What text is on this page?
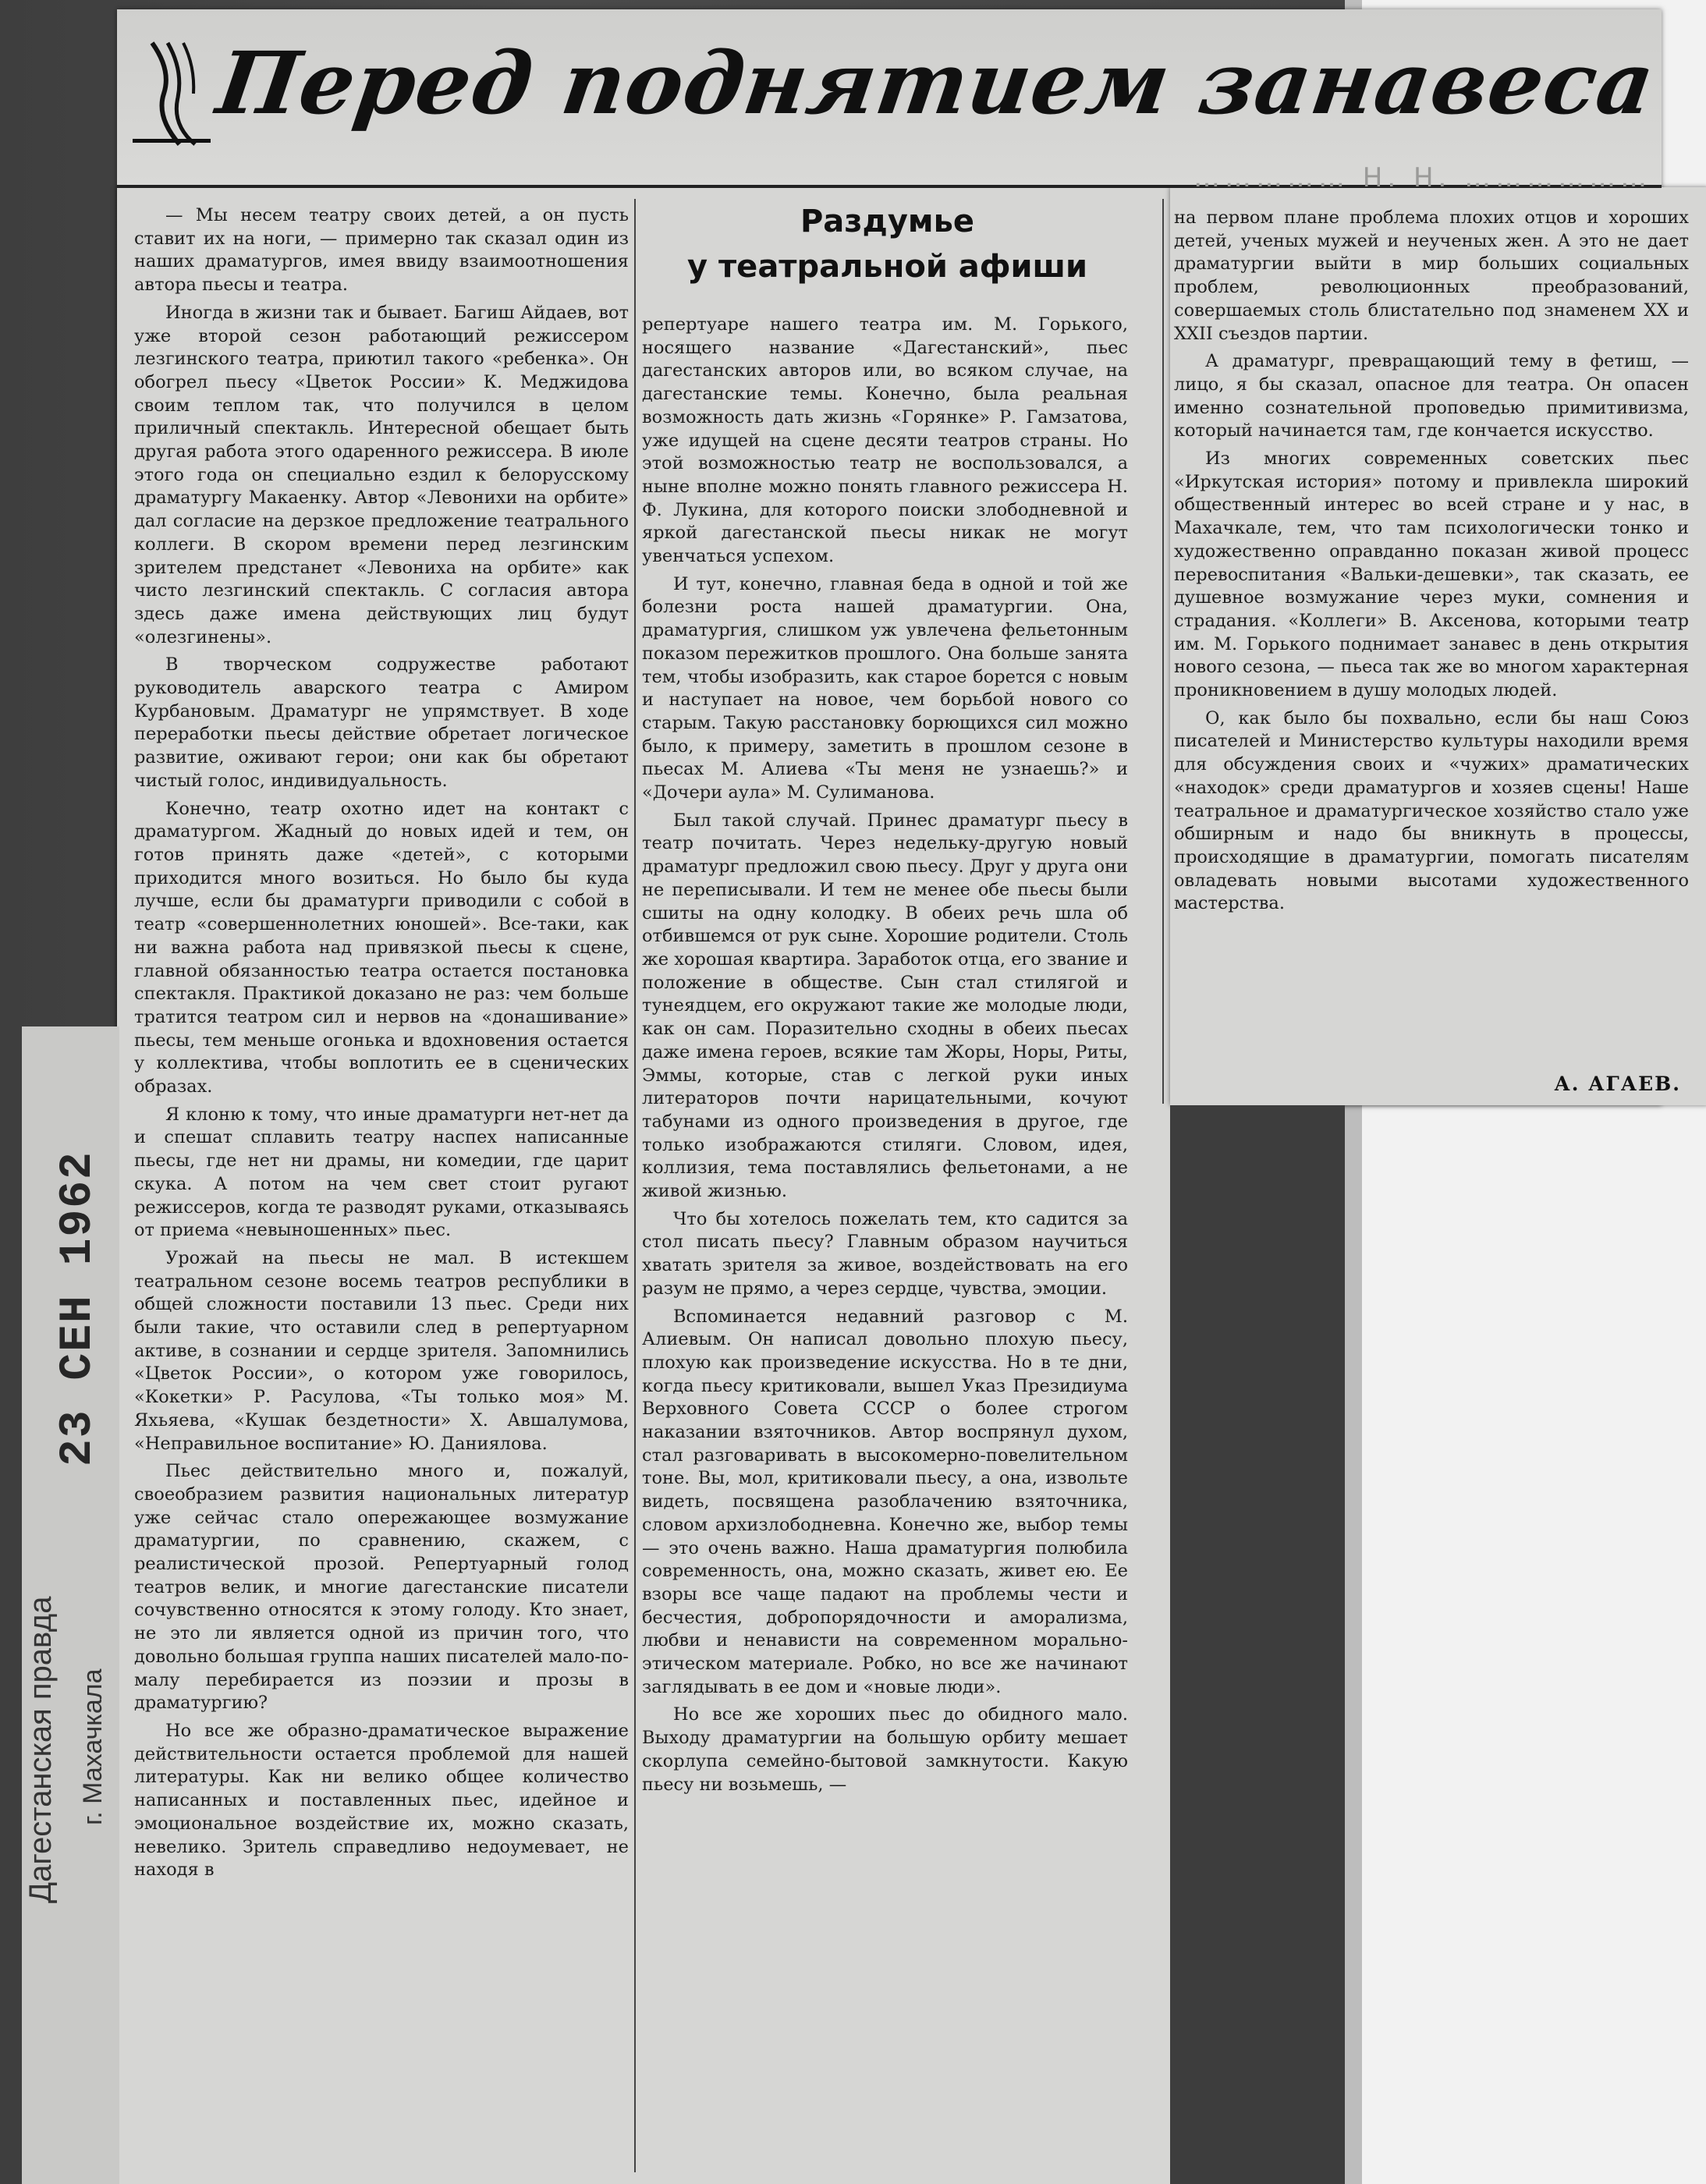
Дагестанская правда г. Махачкала
23 СЕН 1962
Перед поднятием занавеса
…………… Н. Н. ………………
Раздумье
у театральной афиши

— Мы несем театру своих детей, а он пусть ставит их на ноги, — примерно так сказал один из наших драматургов, имея ввиду взаимоотношения автора пьесы и театра.

Иногда в жизни так и бывает. Багиш Айдаев, вот уже второй сезон работающий режиссером лезгинского театра, приютил такого «ребенка». Он обогрел пьесу «Цветок России» К. Меджидова своим теплом так, что получился в целом приличный спектакль. Интересной обещает быть другая работа этого одаренного режиссера. В июле этого года он специально ездил к белорусскому драматургу Макаенку. Автор «Левонихи на орбите» дал согласие на дерзкое предложение театрального коллеги. В скором времени перед лезгинским зрителем предстанет «Левониха на орбите» как чисто лезгинский спектакль. С согласия автора здесь даже имена действующих лиц будут «олезгинены».

В творческом содружестве работают руководитель аварского театра с Амиром Курбановым. Драматург не упрямствует. В ходе переработки пьесы действие обретает логическое развитие, оживают герои; они как бы обретают чистый голос, индивидуальность.

Конечно, театр охотно идет на контакт с драматургом. Жадный до новых идей и тем, он готов принять даже «детей», с которыми приходится много возиться. Но было бы куда лучше, если бы драматурги приводили с собой в театр «совершеннолетних юношей». Все-таки, как ни важна работа над привязкой пьесы к сцене, главной обязанностью театра остается постановка спектакля. Практикой доказано не раз: чем больше тратится театром сил и нервов на «донашивание» пьесы, тем меньше огонька и вдохновения остается у коллектива, чтобы воплотить ее в сценических образах.

Я клоню к тому, что иные драматурги нет-нет да и спешат сплавить театру наспех написанные пьесы, где нет ни драмы, ни комедии, где царит скука. А потом на чем свет стоит ругают режиссеров, когда те разводят руками, отказываясь от приема «невыношенных» пьес.

Урожай на пьесы не мал. В истекшем театральном сезоне восемь театров республики в общей сложности поставили 13 пьес. Среди них были такие, что оставили след в репертуарном активе, в сознании и сердце зрителя. Запомнились «Цветок России», о котором уже говорилось, «Кокетки» Р. Расулова, «Ты только моя» М. Яхьяева, «Кушак бездетности» Х. Авшалумова, «Неправильное воспитание» Ю. Даниялова.

Пьес действительно много и, пожалуй, своеобразием развития национальных литератур уже сейчас стало опережающее возмужание драматургии, по сравнению, скажем, с реалистической прозой. Репертуарный голод театров велик, и многие дагестанские писатели сочувственно относятся к этому голоду. Кто знает, не это ли является одной из причин того, что довольно большая группа наших писателей мало-по-малу перебирается из поэзии и прозы в драматургию?

Но все же образно-драматическое выражение действительности остается проблемой для нашей литературы. Как ни велико общее количество написанных и поставленных пьес, идейное и эмоциональное воздействие их, можно сказать, невелико. Зритель справедливо недоумевает, не находя в

репертуаре нашего театра им. М. Горького, носящего название «Дагестанский», пьес дагестанских авторов или, во всяком случае, на дагестанские темы. Конечно, была реальная возможность дать жизнь «Горянке» Р. Гамзатова, уже идущей на сцене десяти театров страны. Но этой возможностью театр не воспользовался, а ныне вполне можно понять главного режиссера Н. Ф. Лукина, для которого поиски злободневной и яркой дагестанской пьесы никак не могут увенчаться успехом.

И тут, конечно, главная беда в одной и той же болезни роста нашей драматургии. Она, драматургия, слишком уж увлечена фельетонным показом пережитков прошлого. Она больше занята тем, чтобы изобразить, как старое борется с новым и наступает на новое, чем борьбой нового со старым. Такую расстановку борющихся сил можно было, к примеру, заметить в прошлом сезоне в пьесах М. Алиева «Ты меня не узнаешь?» и «Дочери аула» М. Сулиманова.

Был такой случай. Принес драматург пьесу в театр почитать. Через недельку-другую новый драматург предложил свою пьесу. Друг у друга они не переписывали. И тем не менее обе пьесы были сшиты на одну колодку. В обеих речь шла об отбившемся от рук сыне. Хорошие родители. Столь же хорошая квартира. Заработок отца, его звание и положение в обществе. Сын стал стилягой и тунеядцем, его окружают такие же молодые люди, как он сам. Поразительно сходны в обеих пьесах даже имена героев, всякие там Жоры, Норы, Риты, Эммы, которые, став с легкой руки иных литераторов почти нарицательными, кочуют табунами из одного произведения в другое, где только изображаются стиляги. Словом, идея, коллизия, тема поставлялись фельетонами, а не живой жизнью.

Что бы хотелось пожелать тем, кто садится за стол писать пьесу? Главным образом научиться хватать зрителя за живое, воздействовать на его разум не прямо, а через сердце, чувства, эмоции.

Вспоминается недавний разговор с М. Алиевым. Он написал довольно плохую пьесу, плохую как произведение искусства. Но в те дни, когда пьесу критиковали, вышел Указ Президиума Верховного Совета СССР о более строгом наказании взяточников. Автор воспрянул духом, стал разговаривать в высокомерно-повелительном тоне. Вы, мол, критиковали пьесу, а она, извольте видеть, посвящена разоблачению взяточника, словом архизлободневна. Конечно же, выбор темы — это очень важно. Наша драматургия полюбила современность, она, можно сказать, живет ею. Ее взоры все чаще падают на проблемы чести и бесчестия, добропорядочности и аморализма, любви и ненависти на современном морально-этическом материале. Робко, но все же начинают заглядывать в ее дом и «новые люди».

Но все же хороших пьес до обидного мало. Выходу драматургии на большую орбиту мешает скорлупа семейно-бытовой замкнутости. Какую пьесу ни возьмешь, —

на первом плане проблема плохих отцов и хороших детей, ученых мужей и неученых жен. А это не дает драматургии выйти в мир больших социальных проблем, революционных преобразований, совершаемых столь блистательно под знаменем XX и XXII съездов партии.

А драматург, превращающий тему в фетиш, — лицо, я бы сказал, опасное для театра. Он опасен именно сознательной проповедью примитивизма, который начинается там, где кончается искусство.

Из многих современных советских пьес «Иркутская история» потому и привлекла широкий общественный интерес во всей стране и у нас, в Махачкале, тем, что там психологически тонко и художественно оправданно показан живой процесс перевоспитания «Вальки-дешевки», так сказать, ее душевное возмужание через муки, сомнения и страдания. «Коллеги» В. Аксенова, которыми театр им. М. Горького поднимает занавес в день открытия нового сезона, — пьеса так же во многом характерная проникновением в душу молодых людей.

О, как было бы похвально, если бы наш Союз писателей и Министерство культуры находили время для обсуждения своих и «чужих» драматических «находок» среди драматургов и хозяев сцены! Наше театральное и драматургическое хозяйство стало уже обширным и надо бы вникнуть в процессы, происходящие в драматургии, помогать писателям овладевать новыми высотами художественного мастерства.

А. АГАЕВ.
